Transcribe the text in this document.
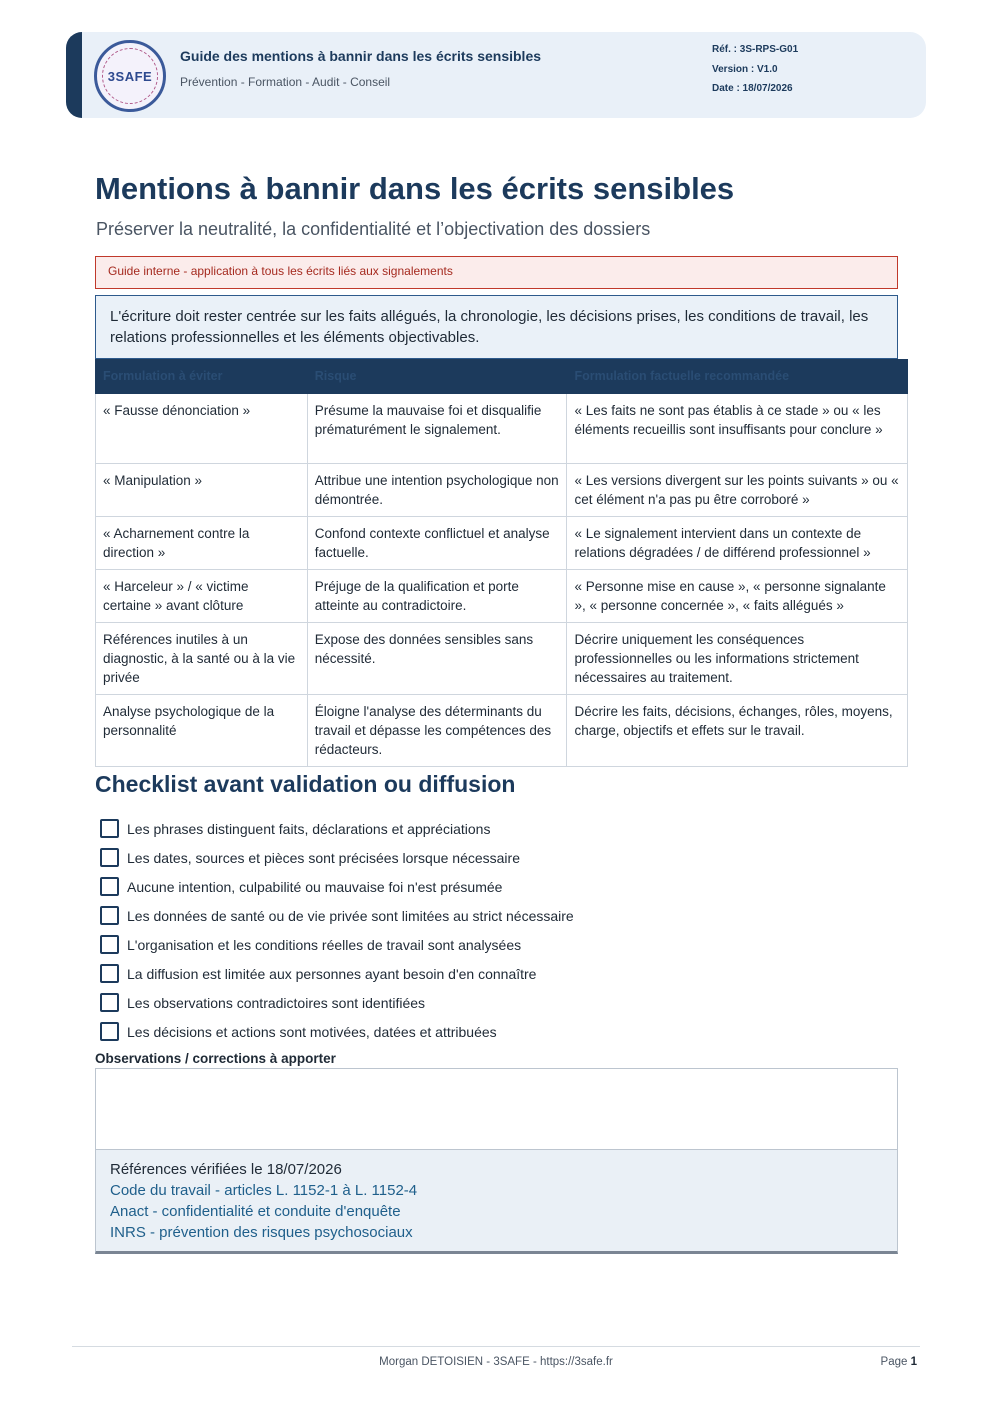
3SAFE
Guide des mentions à bannir dans les écrits sensibles
Prévention - Formation - Audit - Conseil
Réf. : 3S-RPS-G01
Version : V1.0
Date : 18/07/2026
Mentions à bannir dans les écrits sensibles
Préserver la neutralité, la confidentialité et l’objectivation des dossiers
Guide interne - application à tous les écrits liés aux signalements
L'écriture doit rester centrée sur les faits allégués, la chronologie, les décisions prises, les conditions de travail, les relations professionnelles et les éléments objectivables.
Formulation à éviter	Risque	Formulation factuelle recommandée
« Fausse dénonciation »	Présume la mauvaise foi et disqualifie prématurément le signalement.	« Les faits ne sont pas établis à ce stade » ou « les éléments recueillis sont insuffisants pour conclure »
« Manipulation »	Attribue une intention psychologique non démontrée.	« Les versions divergent sur les points suivants » ou « cet élément n'a pas pu être corroboré »
« Acharnement contre la direction »	Confond contexte conflictuel et analyse factuelle.	« Le signalement intervient dans un contexte de relations dégradées / de différend professionnel »
« Harceleur » / « victime certaine » avant clôture	Préjuge de la qualification et porte atteinte au contradictoire.	« Personne mise en cause », « personne signalante », « personne concernée », « faits allégués »
Références inutiles à un diagnostic, à la santé ou à la vie privée	Expose des données sensibles sans nécessité.	Décrire uniquement les conséquences professionnelles ou les informations strictement nécessaires au traitement.
Analyse psychologique de la personnalité	Éloigne l'analyse des déterminants du travail et dépasse les compétences des rédacteurs.	Décrire les faits, décisions, échanges, rôles, moyens, charge, objectifs et effets sur le travail.
Checklist avant validation ou diffusion
Les phrases distinguent faits, déclarations et appréciations
Les dates, sources et pièces sont précisées lorsque nécessaire
Aucune intention, culpabilité ou mauvaise foi n'est présumée
Les données de santé ou de vie privée sont limitées au strict nécessaire
L'organisation et les conditions réelles de travail sont analysées
La diffusion est limitée aux personnes ayant besoin d'en connaître
Les observations contradictoires sont identifiées
Les décisions et actions sont motivées, datées et attribuées
Observations / corrections à apporter
Références vérifiées le 18/07/2026
Code du travail - articles L. 1152-1 à L. 1152-4
Anact - confidentialité et conduite d'enquête
INRS - prévention des risques psychosociaux
Morgan DETOISIEN - 3SAFE - https://3safe.fr	Page 1
